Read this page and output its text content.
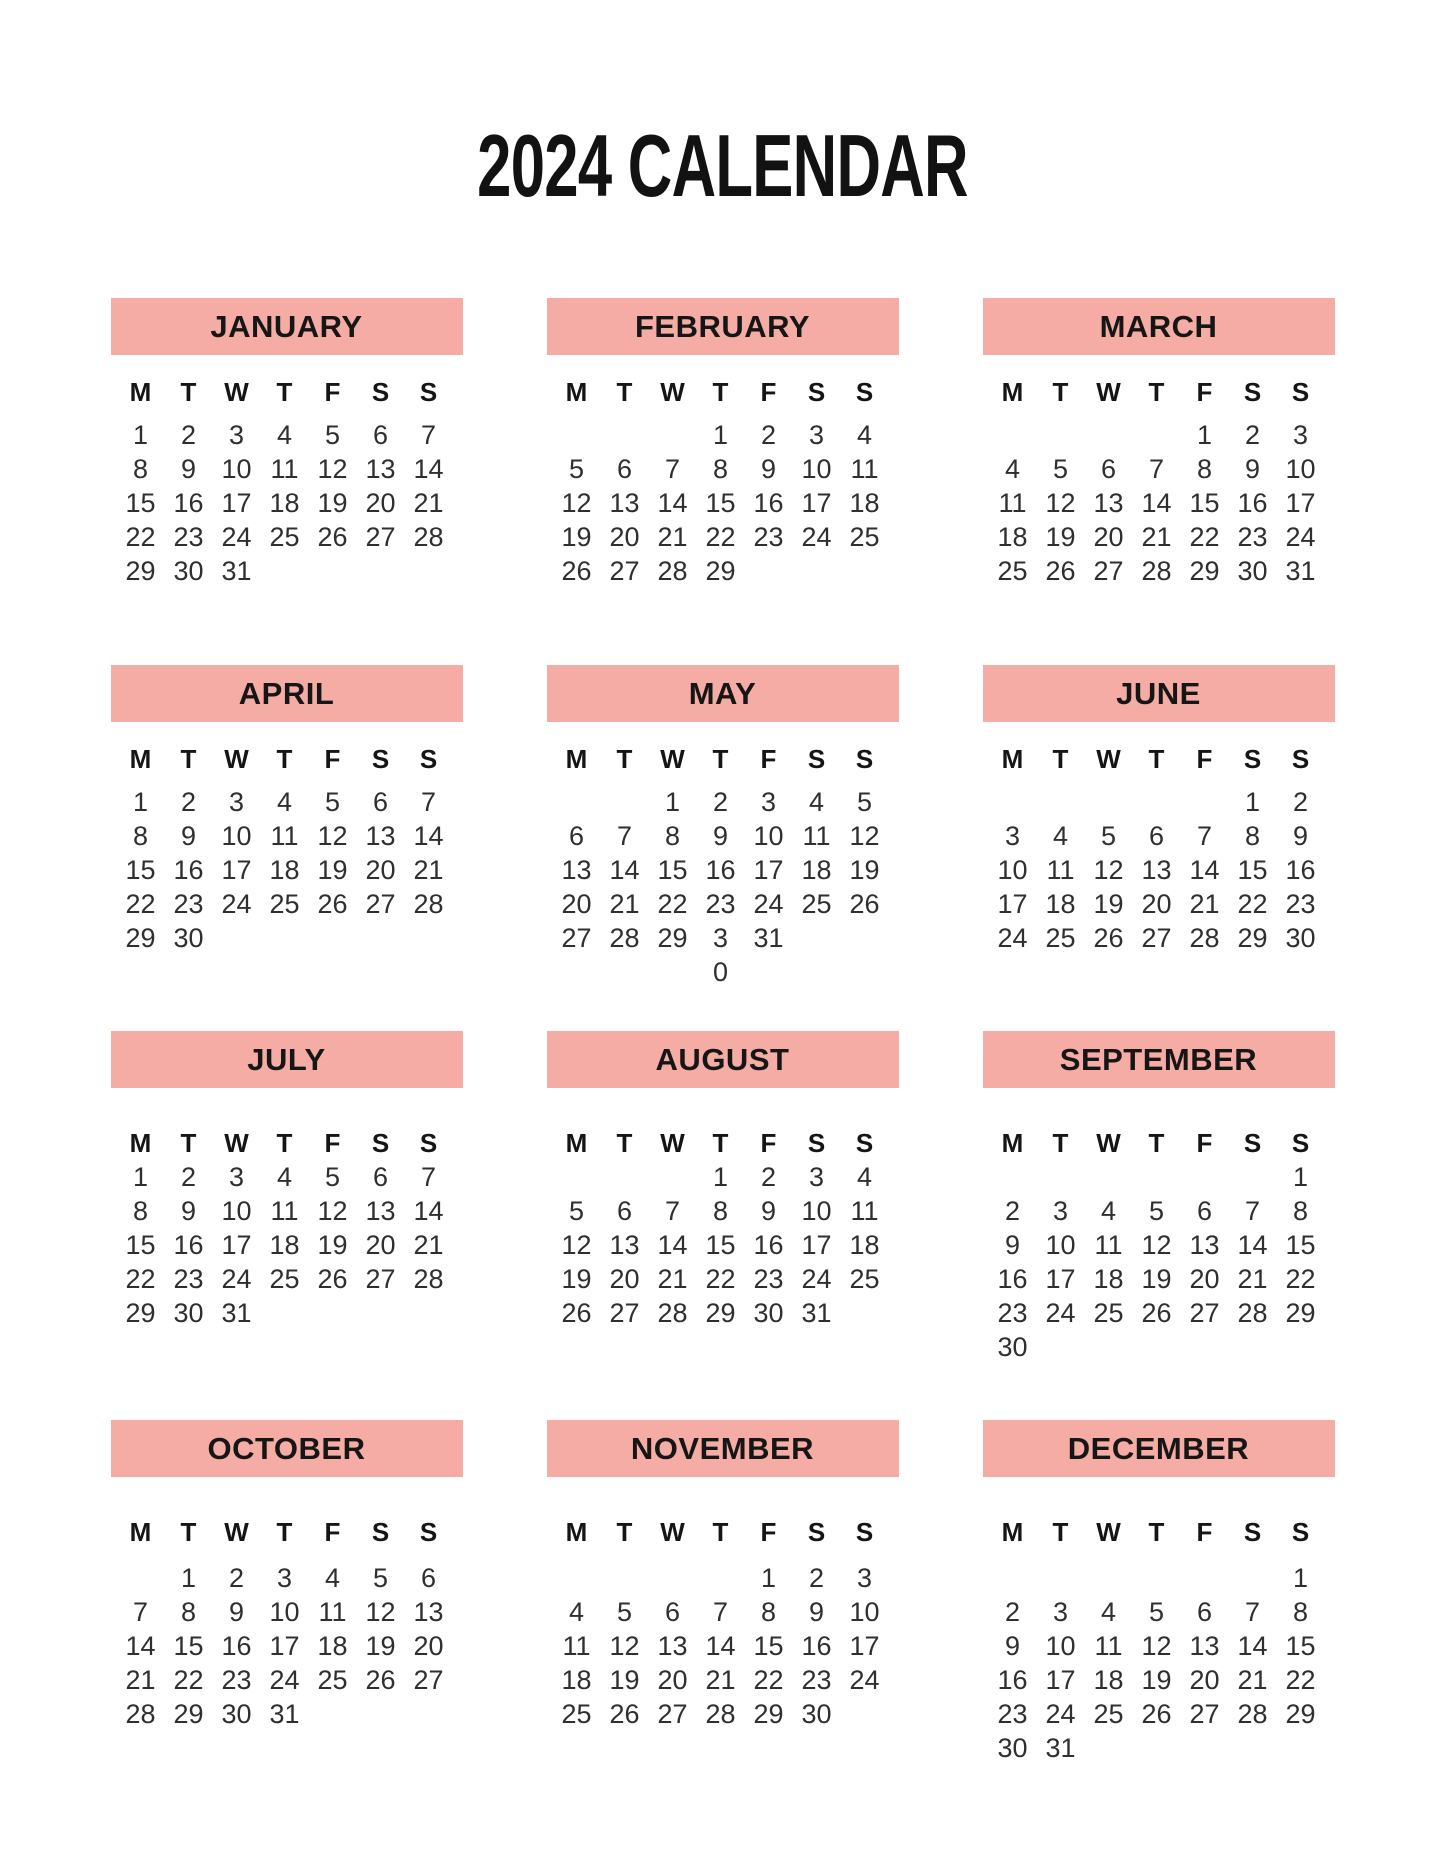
2024 CALENDAR
JANUARY
M T W T F S S
1 2 3 4 5 6 7
8 9 10 11 12 13 14
15 16 17 18 19 20 21
22 23 24 25 26 27 28
29 30 31
FEBRUARY
M T W T F S S
1 2 3 4
5 6 7 8 9 10 11
12 13 14 15 16 17 18
19 20 21 22 23 24 25
26 27 28 29
MARCH
M T W T F S S
1 2 3
4 5 6 7 8 9 10
11 12 13 14 15 16 17
18 19 20 21 22 23 24
25 26 27 28 29 30 31
APRIL
M T W T F S S
1 2 3 4 5 6 7
8 9 10 11 12 13 14
15 16 17 18 19 20 21
22 23 24 25 26 27 28
29 30
MAY
M T W T F S S
1 2 3 4 5
6 7 8 9 10 11 12
13 14 15 16 17 18 19
20 21 22 23 24 25 26
27 28 29 3
0
31
JUNE
M T W T F S S
1 2
3 4 5 6 7 8 9
10 11 12 13 14 15 16
17 18 19 20 21 22 23
24 25 26 27 28 29 30
JULY
M T W T F S S
1 2 3 4 5 6 7
8 9 10 11 12 13 14
15 16 17 18 19 20 21
22 23 24 25 26 27 28
29 30 31
AUGUST
M T W T F S S
1 2 3 4
5 6 7 8 9 10 11
12 13 14 15 16 17 18
19 20 21 22 23 24 25
26 27 28 29 30 31
SEPTEMBER
M T W T F S S
1
2 3 4 5 6 7 8
9 10 11 12 13 14 15
16 17 18 19 20 21 22
23 24 25 26 27 28 29
30
OCTOBER
M T W T F S S
1 2 3 4 5 6
7 8 9 10 11 12 13
14 15 16 17 18 19 20
21 22 23 24 25 26 27
28 29 30 31
NOVEMBER
M T W T F S S
1 2 3
4 5 6 7 8 9 10
11 12 13 14 15 16 17
18 19 20 21 22 23 24
25 26 27 28 29 30
DECEMBER
M T W T F S S
1
2 3 4 5 6 7 8
9 10 11 12 13 14 15
16 17 18 19 20 21 22
23 24 25 26 27 28 29
30 31
